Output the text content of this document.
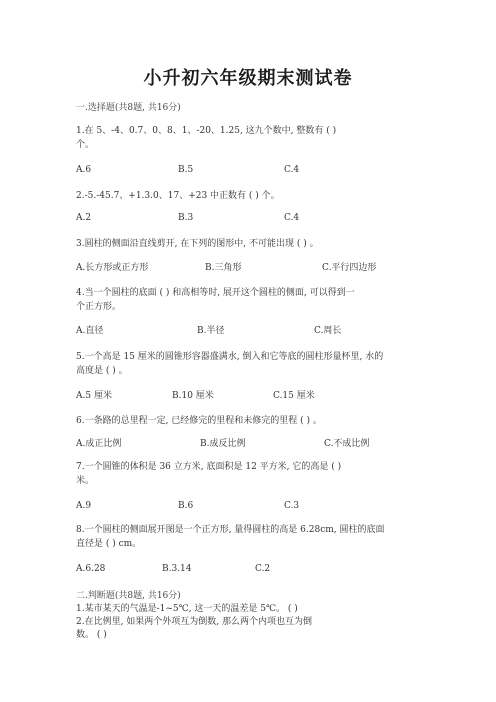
小升初六年级期末测试卷
一.选择题(共8题, 共16分)
1.在 5、-4、0.7、0、8、1、-20、1.25, 这九个数中, 整数有 ( )
个。
A.6	B.5	C.4
2.-5.-45.7、+1.3.0、17、+23 中正数有 ( ) 个。
A.2	B.3	C.4
3.圆柱的侧面沿直线剪开, 在下列的图形中, 不可能出现 ( ) 。
A.长方形或正方形	B.三角形	C.平行四边形
4.当一个圆柱的底面 ( ) 和高相等时, 展开这个圆柱的侧面, 可以得到一
个正方形。
A.直径	B.半径	C.周长
5.一个高是 15 厘米的圆锥形容器盛满水, 倒入和它等底的圆柱形量杯里, 水的
高度是 ( ) 。
A.5 厘米	B.10 厘米	C.15 厘米
6.一条路的总里程一定, 已经修完的里程和未修完的里程 ( ) 。
A.成正比例	B.成反比例	C.不成比例
7.一个圆锥的体积是 36 立方米, 底面积是 12 平方米, 它的高是 ( )
米。
A.9	B.6	C.3
8.一个圆柱的侧面展开图是一个正方形, 量得圆柱的高是 6.28cm, 圆柱的底面
直径是 ( ) cm。
A.6.28	B.3.14	C.2
二.判断题(共8题, 共16分)
1.某市某天的气温是-1~5℃, 这一天的温差是 5℃。 ( )
2.在比例里, 如果两个外项互为倒数, 那么两个内项也互为倒
数。 ( )
